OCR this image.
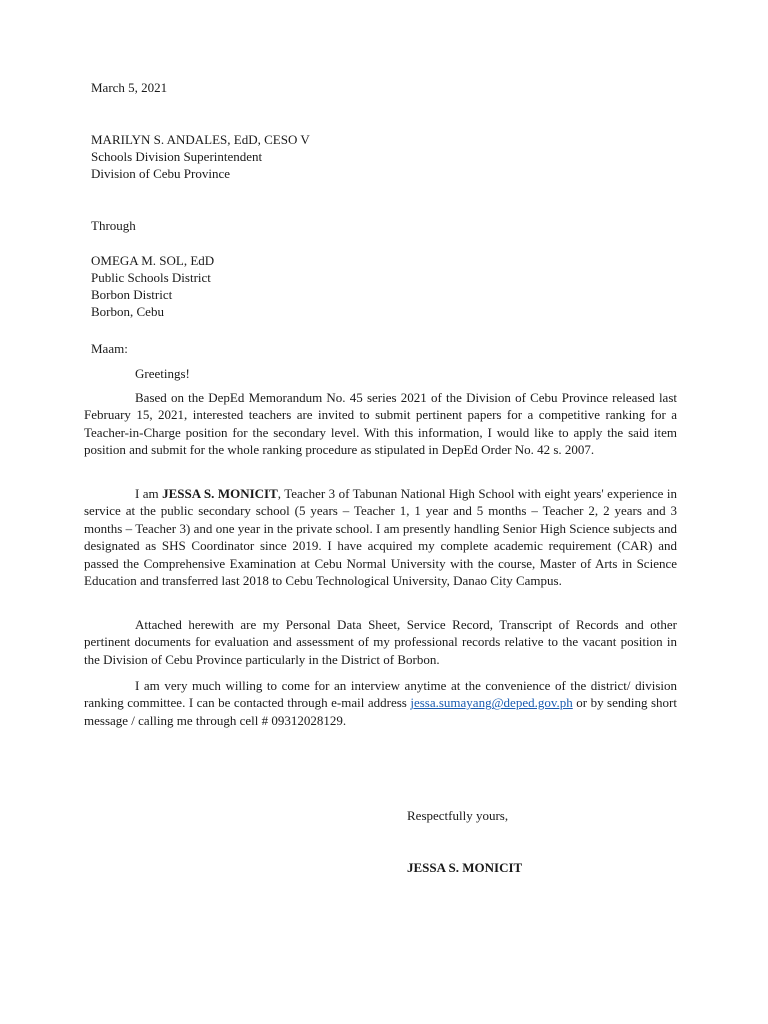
March 5, 2021

MARILYN S. ANDALES, EdD, CESO V

Schools Division Superintendent

Division of Cebu Province

Through

OMEGA M. SOL, EdD

Public Schools District

Borbon District

Borbon, Cebu

Maam:

Greetings!

Based on the DepEd Memorandum No. 45 series 2021 of the Division of Cebu Province released last February 15, 2021, interested teachers are invited to submit pertinent papers for a competitive ranking for a Teacher-in-Charge position for the secondary level. With this information, I would like to apply the said item position and submit for the whole ranking procedure as stipulated in DepEd Order No. 42 s. 2007.

I am JESSA S. MONICIT, Teacher 3 of Tabunan National High School with eight years' experience in service at the public secondary school (5 years – Teacher 1, 1 year and 5 months – Teacher 2, 2 years and 3 months – Teacher 3) and one year in the private school. I am presently handling Senior High Science subjects and designated as SHS Coordinator since 2019. I have acquired my complete academic requirement (CAR) and passed the Comprehensive Examination at Cebu Normal University with the course, Master of Arts in Science Education and transferred last 2018 to Cebu Technological University, Danao City Campus.

Attached herewith are my Personal Data Sheet, Service Record, Transcript of Records and other pertinent documents for evaluation and assessment of my professional records relative to the vacant position in the Division of Cebu Province particularly in the District of Borbon.

I am very much willing to come for an interview anytime at the convenience of the district/ division ranking committee. I can be contacted through e-mail address jessa.sumayang@deped.gov.ph or by sending short message / calling me through cell # 09312028129.

Respectfully yours,

JESSA S. MONICIT
